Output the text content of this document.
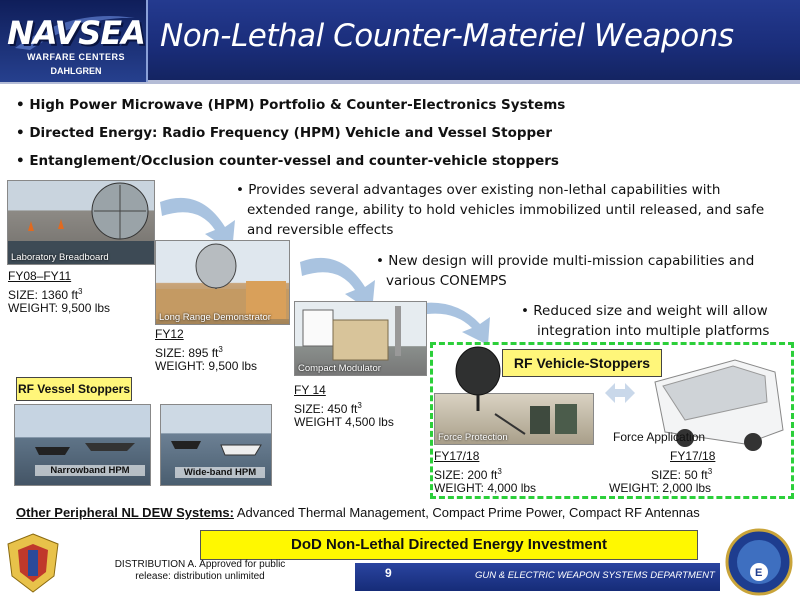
NAVSEA
WARFARE CENTERS
DAHLGREN
Non-Lethal Counter-Materiel Weapons
• High Power Microwave (HPM) Portfolio & Counter-Electronics Systems
• Directed Energy: Radio Frequency (HPM) Vehicle and Vessel Stopper
• Entanglement/Occlusion counter-vessel and counter-vehicle stoppers
• Provides several advantages over existing non-lethal capabilities with
extended range, ability to hold vehicles immobilized until released, and safe
and reversible effects
• New design will provide multi-mission capabilities and
various CONEMPS
• Reduced size and weight will allow
integration into multiple platforms
Laboratory Breadboard
FY08–FY11
SIZE: 1360 $ft^3$
WEIGHT: 9,500 lbs
Long Range Demonstrator
FY12
SIZE: 895 $ft^3$
WEIGHT: 9,500 lbs	Compact Modulator
FY 14
SIZE: 450 $ft^3$
WEIGHT 4,500 lbs
RF Vehicle-Stoppers
Force Protection	Force Application
FY17/18
SIZE: 200 $ft^3$
WEIGHT: 4,000 lbs
FY17/18
SIZE: 50 $ft^3$
WEIGHT: 2,000 lbs
RF Vessel Stoppers
Narrowband HPM	Wide-band HPM
Other Peripheral NL DEW Systems: Advanced Thermal Management, Compact Prime Power, Compact RF Antennas
DoD Non-Lethal Directed Energy Investment
DISTRIBUTION A. Approved for public release: distribution unlimited	9	GUN & ELECTRIC WEAPON SYSTEMS DEPARTMENT	E
